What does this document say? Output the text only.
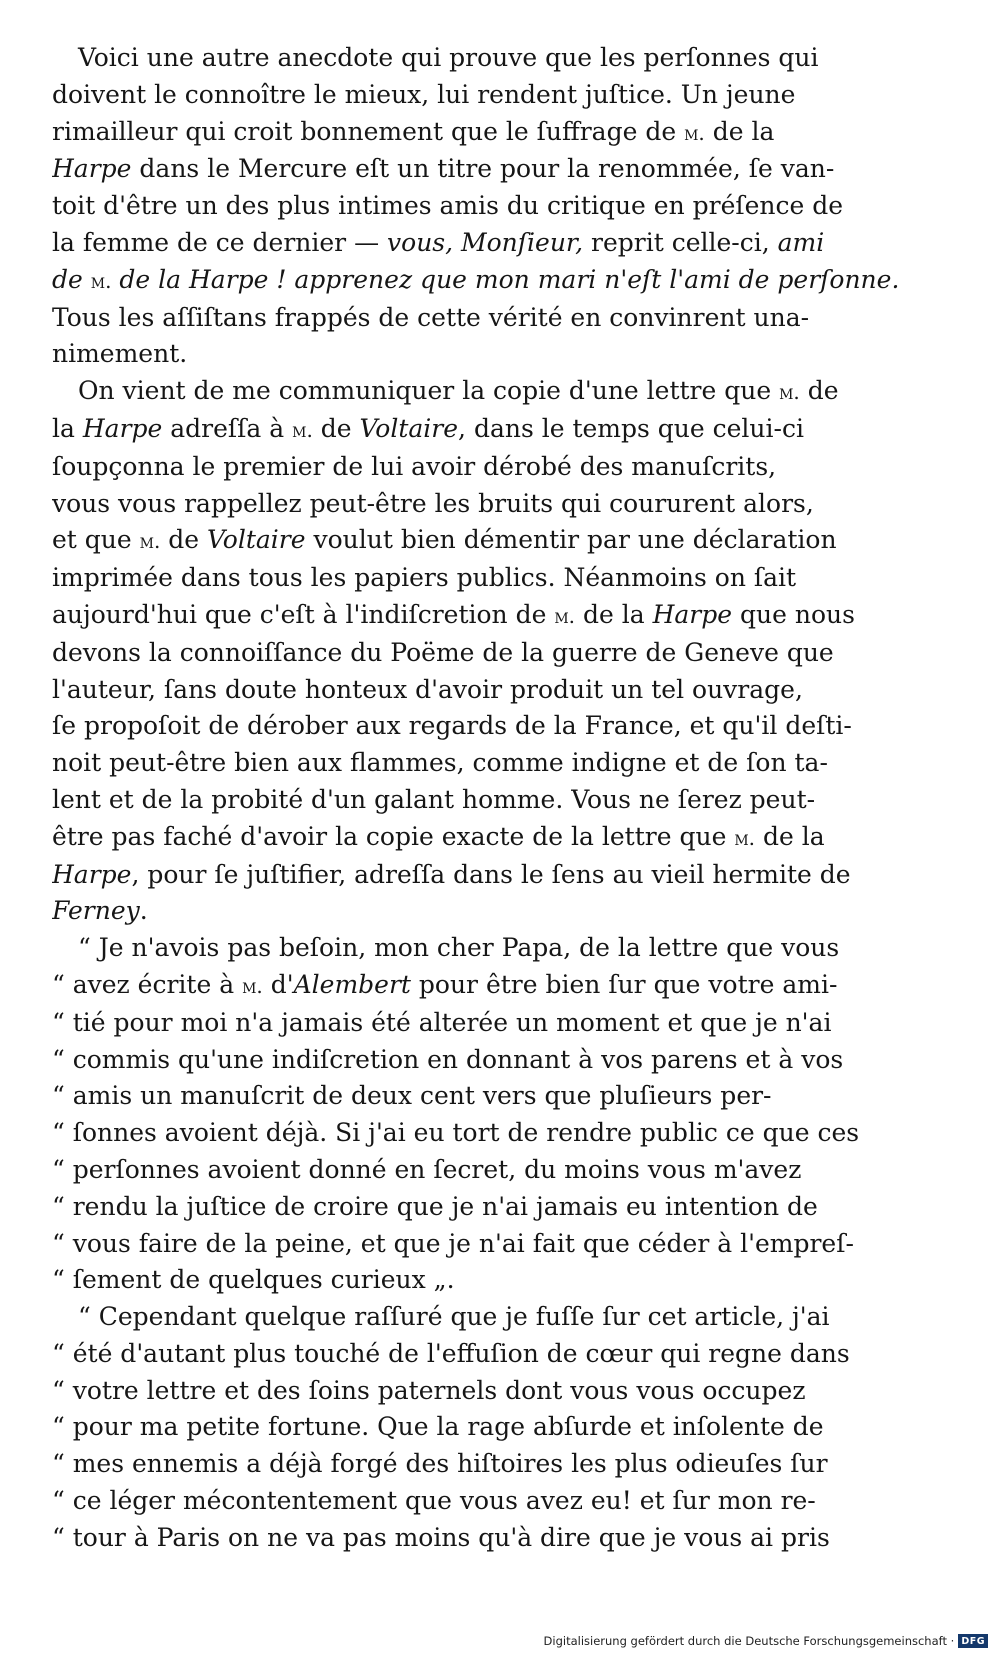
Voici une autre anecdote qui prouve que les perſonnes qui
doivent le connoître le mieux, lui rendent juſtice. Un jeune
rimailleur qui croit bonnement que le ſuffrage de m. de la
Harpe dans le Mercure eſt un titre pour la renommée, ſe van-
toit d'être un des plus intimes amis du critique en préſence de
la femme de ce dernier — vous, Monſieur, reprit celle-ci, ami
de m. de la Harpe ! apprenez que mon mari n'eſt l'ami de perſonne.
Tous les aſſiſtans frappés de cette vérité en convinrent una-
nimement.
On vient de me communiquer la copie d'une lettre que m. de
la Harpe adreſſa à m. de Voltaire, dans le temps que celui-ci
ſoupçonna le premier de lui avoir dérobé des manuſcrits,
vous vous rappellez peut-être les bruits qui coururent alors,
et que m. de Voltaire voulut bien démentir par une déclaration
imprimée dans tous les papiers publics. Néanmoins on ſait
aujourd'hui que c'eſt à l'indiſcretion de m. de la Harpe que nous
devons la connoiſſance du Poëme de la guerre de Geneve que
l'auteur, ſans doute honteux d'avoir produit un tel ouvrage,
ſe propoſoit de dérober aux regards de la France, et qu'il deſti-
noit peut-être bien aux flammes, comme indigne et de ſon ta-
lent et de la probité d'un galant homme. Vous ne ſerez peut-
être pas faché d'avoir la copie exacte de la lettre que m. de la
Harpe, pour ſe juſtifier, adreſſa dans le ſens au vieil hermite de
Ferney.
“ Je n'avois pas beſoin, mon cher Papa, de la lettre que vous
“ avez écrite à m. d'Alembert pour être bien ſur que votre ami-
“ tié pour moi n'a jamais été alterée un moment et que je n'ai
“ commis qu'une indiſcretion en donnant à vos parens et à vos
“ amis un manuſcrit de deux cent vers que pluſieurs per-
“ ſonnes avoient déjà. Si j'ai eu tort de rendre public ce que ces
“ perſonnes avoient donné en ſecret, du moins vous m'avez
“ rendu la juſtice de croire que je n'ai jamais eu intention de
“ vous faire de la peine, et que je n'ai fait que céder à l'empreſ-
“ ſement de quelques curieux „.
“ Cependant quelque raſſuré que je fuſſe ſur cet article, j'ai
“ été d'autant plus touché de l'effuſion de cœur qui regne dans
“ votre lettre et des ſoins paternels dont vous vous occupez
“ pour ma petite fortune. Que la rage abſurde et inſolente de
“ mes ennemis a déjà forgé des hiſtoires les plus odieuſes ſur
“ ce léger mécontentement que vous avez eu! et ſur mon re-
“ tour à Paris on ne va pas moins qu'à dire que je vous ai pris
Digitalisierung gefördert durch die Deutsche Forschungsgemeinschaft · DFG
